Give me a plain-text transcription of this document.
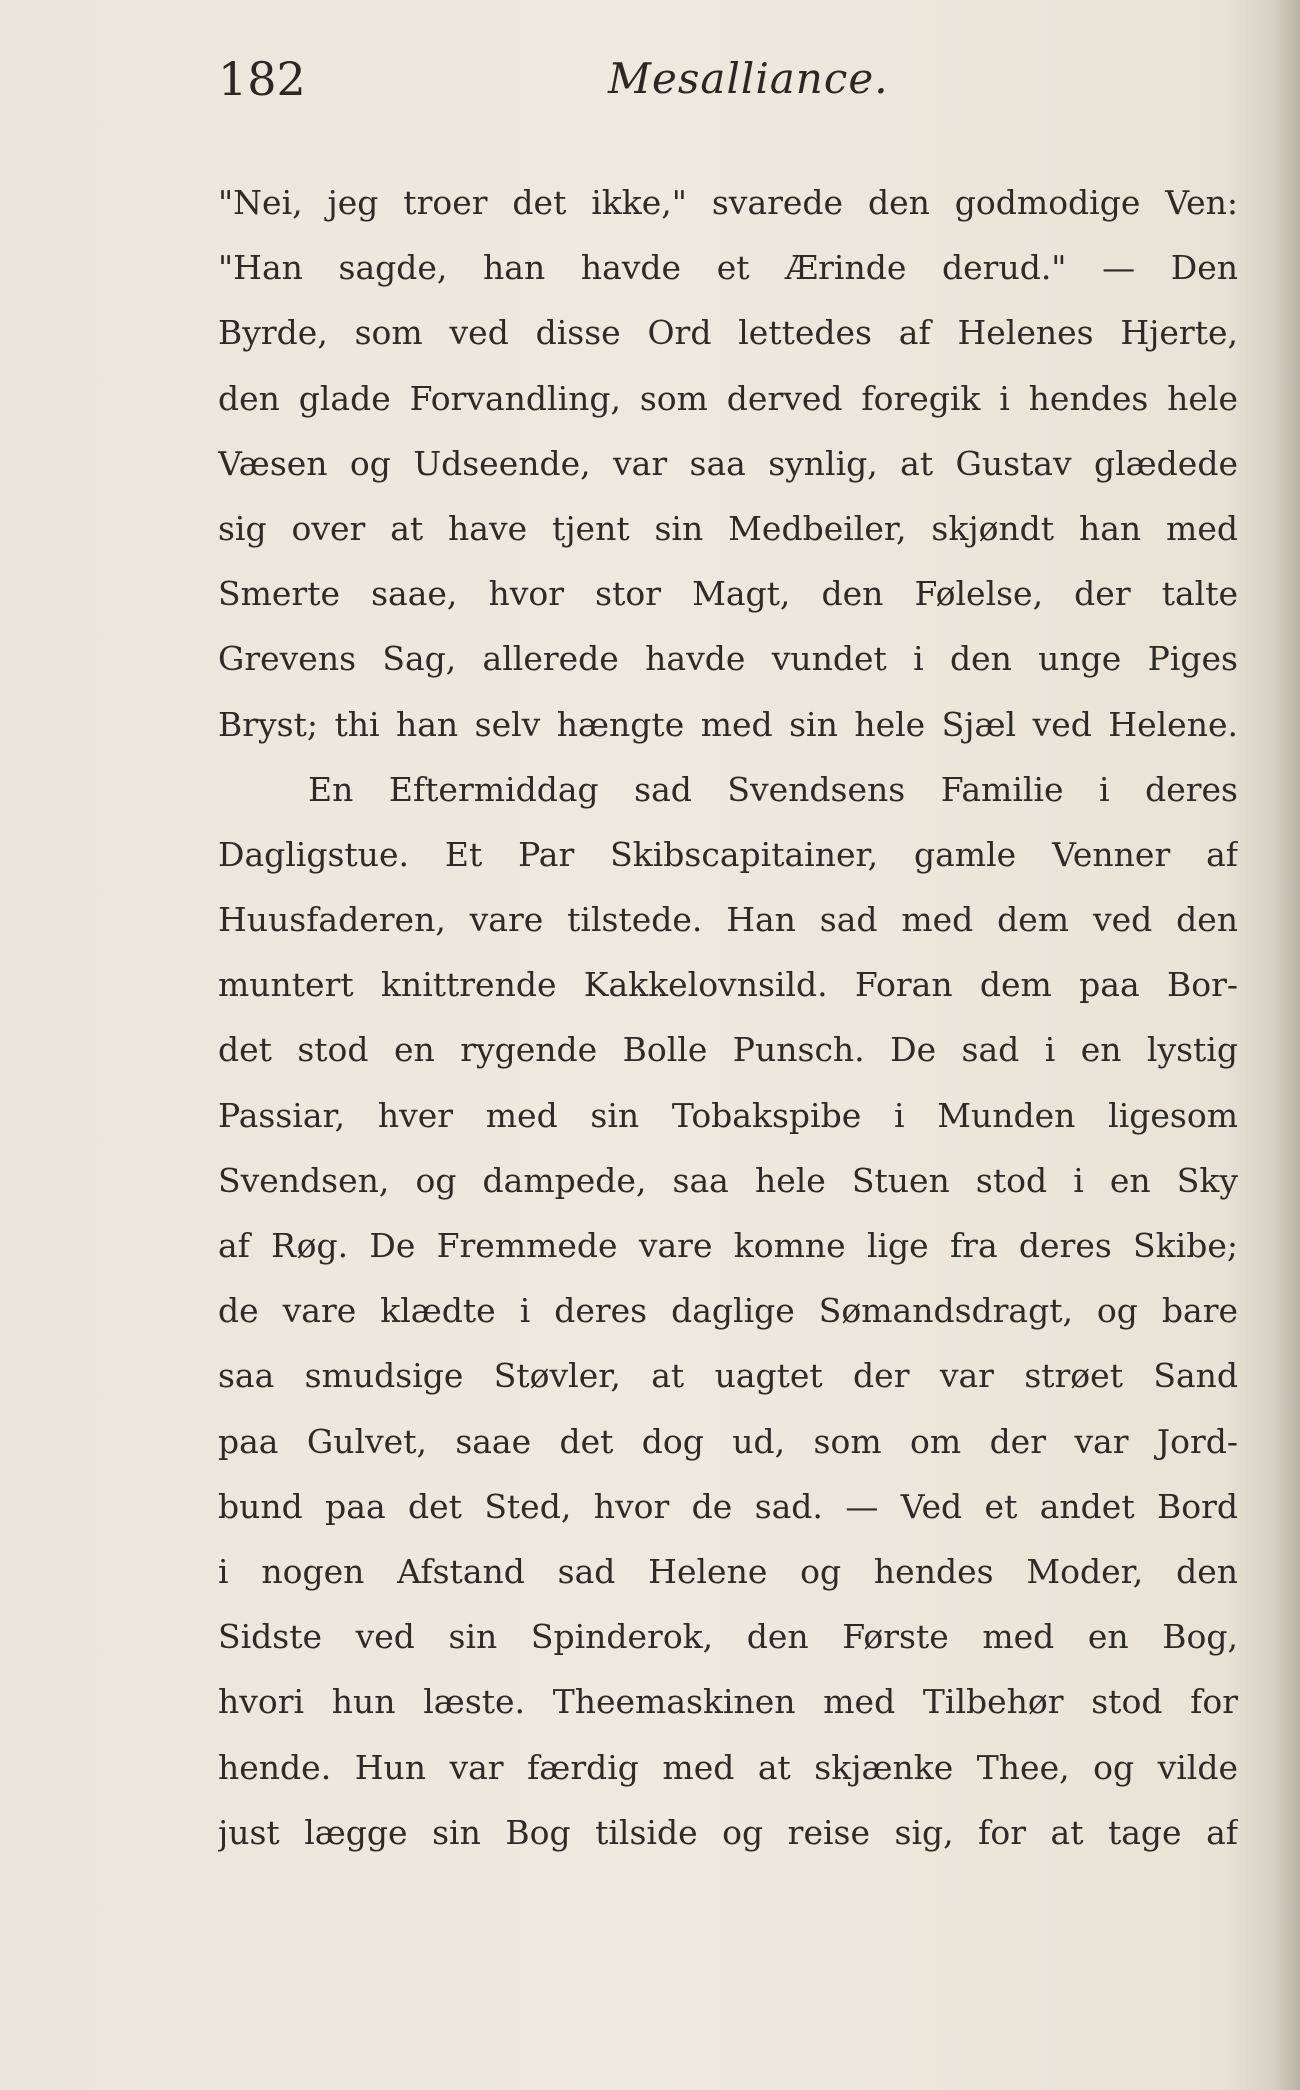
182	Mesalliance.
"Nei, jeg troer det ikke," svarede den godmodige Ven:
"Han sagde, han havde et Ærinde derud." — Den
Byrde, som ved disse Ord lettedes af Helenes Hjerte,
den glade Forvandling, som derved foregik i hendes hele
Væsen og Udseende, var saa synlig, at Gustav glædede
sig over at have tjent sin Medbeiler, skjøndt han med
Smerte saae, hvor stor Magt, den Følelse, der talte
Grevens Sag, allerede havde vundet i den unge Piges
Bryst; thi han selv hængte med sin hele Sjæl ved Helene.
En Eftermiddag sad Svendsens Familie i deres
Dagligstue. Et Par Skibscapitainer, gamle Venner af
Huusfaderen, vare tilstede. Han sad med dem ved den
muntert knittrende Kakkelovnsild. Foran dem paa Bor-
det stod en rygende Bolle Punsch. De sad i en lystig
Passiar, hver med sin Tobakspibe i Munden ligesom
Svendsen, og dampede, saa hele Stuen stod i en Sky
af Røg. De Fremmede vare komne lige fra deres Skibe;
de vare klædte i deres daglige Sømandsdragt, og bare
saa smudsige Støvler, at uagtet der var strøet Sand
paa Gulvet, saae det dog ud, som om der var Jord-
bund paa det Sted, hvor de sad. — Ved et andet Bord
i nogen Afstand sad Helene og hendes Moder, den
Sidste ved sin Spinderok, den Første med en Bog,
hvori hun læste. Theemaskinen med Tilbehør stod for
hende. Hun var færdig med at skjænke Thee, og vilde
just lægge sin Bog tilside og reise sig, for at tage af
